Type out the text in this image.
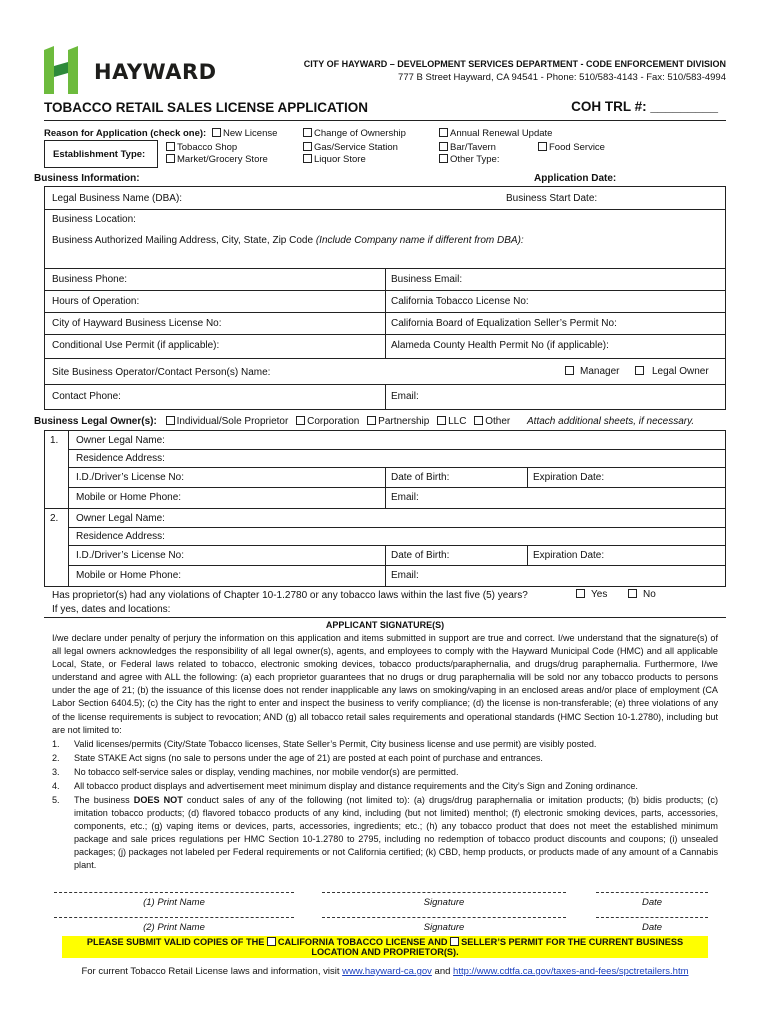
HAYWARD	CITY OF HAYWARD – DEVELOPMENT SERVICES DEPARTMENT - CODE ENFORCEMENT DIVISION
777 B Street Hayward, CA 94541 - Phone: 510/583-4143 - Fax: 510/583-4994
TOBACCO RETAIL SALES LICENSE APPLICATION	COH TRL #: _________
Reason for Application (check one):	New License	Change of Ownership	Annual Renewal Update
Establishment Type:
Tobacco Shop
Market/Grocery Store
Gas/Service Station
Liquor Store
Bar/Tavern
Other Type:
Food Service
Business Information:	Application Date:
Legal Business Name (DBA):	Business Start Date:
Business Location:
Business Authorized Mailing Address, City, State, Zip Code (Include Company name if different from DBA):
Business Phone:	Business Email:
Hours of Operation:	California Tobacco License No:
City of Hayward Business License No:	California Board of Equalization Seller’s Permit No:
Conditional Use Permit (if applicable):	Alameda County Health Permit No (if applicable):
Site Business Operator/Contact Person(s) Name:	Manager	Legal Owner
Contact Phone:	Email:
Business Legal Owner(s): Individual/Sole Proprietor Corporation Partnership LLC Other Attach additional sheets, if necessary.
1. Owner Legal Name:
Residence Address:
I.D./Driver’s License No:	Date of Birth:	Expiration Date:
Mobile or Home Phone:	Email:
2. Owner Legal Name:
Residence Address:
I.D./Driver’s License No:	Date of Birth:	Expiration Date:
Mobile or Home Phone:	Email:
Has proprietor(s) had any violations of Chapter 10-1.2780 or any tobacco laws within the last five (5) years?	Yes	No
If yes, dates and locations:
APPLICANT SIGNATURE(S)
I/we declare under penalty of perjury the information on this application and items submitted in support are true and correct. I/we understand that the signature(s) of all legal owners acknowledges the responsibility of all legal owner(s), agents, and employees to comply with the Hayward Municipal Code (HMC) and all applicable Local, State, or Federal laws related to tobacco, electronic smoking devices, tobacco products/paraphernalia, and drugs/drug paraphernalia. Furthermore, I/we understand and agree with ALL the following: (a) each proprietor guarantees that no drugs or drug paraphernalia will be sold nor any tobacco products to persons under the age of 21; (b) the issuance of this license does not render inapplicable any laws on smoking/vaping in an enclosed areas and/or place of employment (CA Labor Section 6404.5); (c) the City has the right to enter and inspect the business to verify compliance; (d) the license is non-transferable; (e) three violations of any of the license requirements is subject to revocation; AND (g) all tobacco retail sales requirements and operational standards (HMC Section 10-1.2780), including but are not limited to:
1. Valid licenses/permits (City/State Tobacco licenses, State Seller’s Permit, City business license and use permit) are visibly posted.
2. State STAKE Act signs (no sale to persons under the age of 21) are posted at each point of purchase and entrances.
3. No tobacco self-service sales or display, vending machines, nor mobile vendor(s) are permitted.
4. All tobacco product displays and advertisement meet minimum display and distance requirements and the City’s Sign and Zoning ordinance.
5. The business DOES NOT conduct sales of any of the following (not limited to): (a) drugs/drug paraphernalia or imitation products; (b) bidis products; (c) imitation tobacco products; (d) flavored tobacco products of any kind, including (but not limited) menthol; (f) electronic smoking devices, parts, accessories, components, etc.; (g) vaping items or devices, parts, accessories, ingredients; etc.; (h) any tobacco product that does not meet the established minimum package and sale prices regulations per HMC Section 10-1.2780 to 2795, including no redemption of tobacco product discounts and coupons; (i) unsealed packages; (j) packages not labeled per Federal requirements or not California certified; (k) CBD, hemp products, or products made of any amount of a Cannabis plant.
(1) Print Name	Signature	Date
(2) Print Name	Signature	Date
PLEASE SUBMIT VALID COPIES OF THE CALIFORNIA TOBACCO LICENSE AND SELLER’S PERMIT FOR THE CURRENT BUSINESS LOCATION AND PROPRIETOR(S).
For current Tobacco Retail License laws and information, visit www.hayward-ca.gov and http://www.cdtfa.ca.gov/taxes-and-fees/spctretailers.htm
